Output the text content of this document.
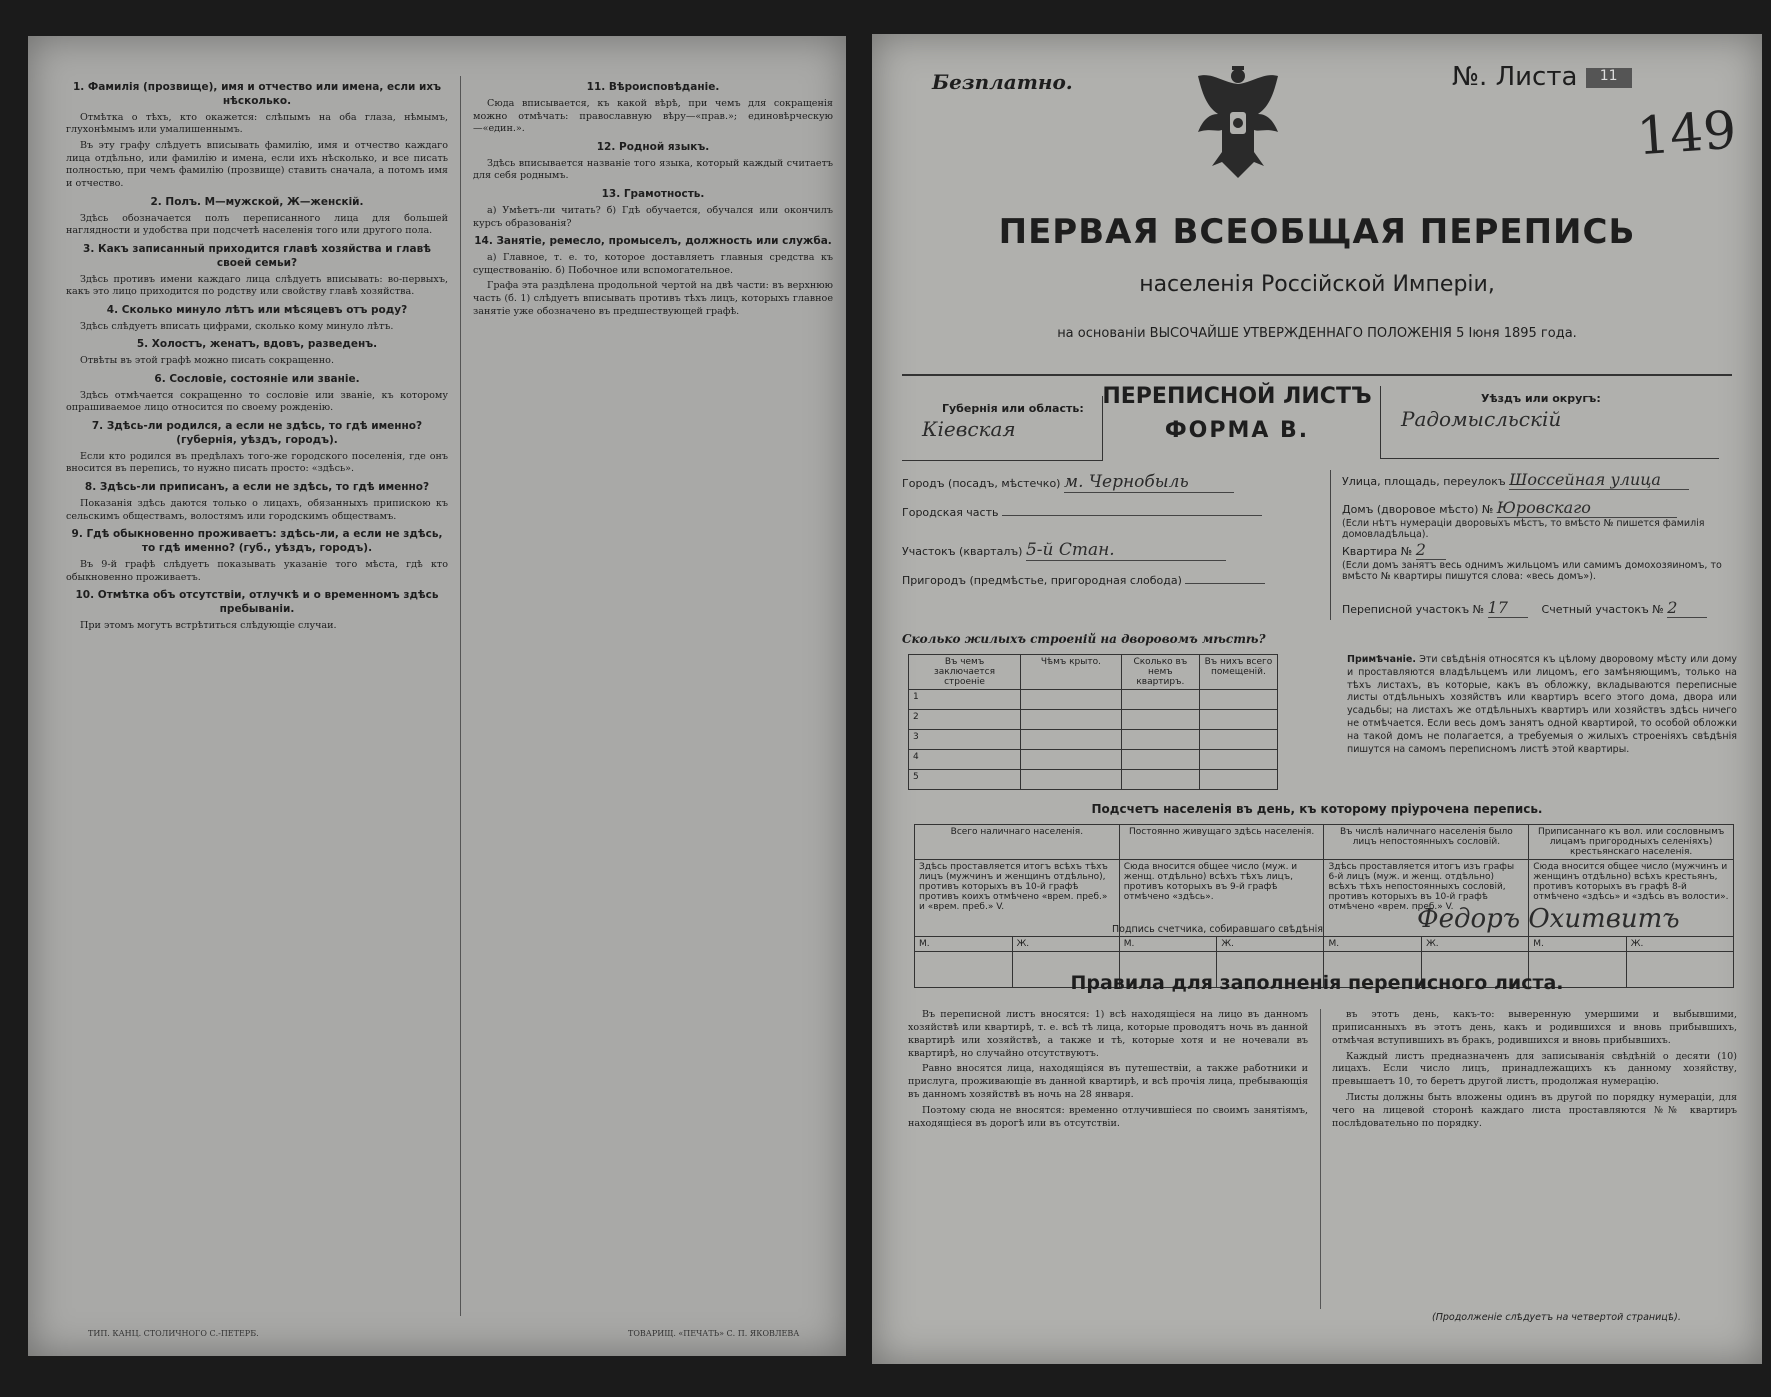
1. Фамилія (прозвище), имя и отчество или имена, если ихъ нѣсколько.

Отмѣтка о тѣхъ, кто окажется: слѣпымъ на оба глаза, нѣмымъ, глухонѣмымъ или умалишеннымъ.

Въ эту графу слѣдуетъ вписывать фамилію, имя и отчество каждаго лица отдѣльно, или фамилію и имена, если ихъ нѣсколько, и все писать полностью, при чемъ фамилію (прозвище) ставить сначала, а потомъ имя и отчество.

2. Полъ. М—мужской, Ж—женскій.

Здѣсь обозначается полъ переписанного лица для большей наглядности и удобства при подсчетѣ населенія того или другого пола.

3. Какъ записанный приходится главѣ хозяйства и главѣ своей семьи?

Здѣсь противъ имени каждаго лица слѣдуетъ вписывать: во-первыхъ, какъ это лицо приходится по родству или свойству главѣ хозяйства.

4. Сколько минуло лѣтъ или мѣсяцевъ отъ роду?

Здѣсь слѣдуетъ вписать цифрами, сколько кому минуло лѣтъ.

5. Холостъ, женатъ, вдовъ, разведенъ.

Отвѣты въ этой графѣ можно писать сокращенно.

6. Сословіе, состояніе или званіе.

Здѣсь отмѣчается сокращенно то сословіе или званіе, къ которому опрашиваемое лицо относится по своему рожденію.

7. Здѣсь-ли родился, а если не здѣсь, то гдѣ именно? (губернія, уѣздъ, городъ).

Если кто родился въ предѣлахъ того-же городского поселенія, где онъ вносится въ перепись, то нужно писать просто: «здѣсь».

8. Здѣсь-ли приписанъ, а если не здѣсь, то гдѣ именно?

Показанія здѣсь даются только о лицахъ, обязанныхъ припискою къ сельскимъ обществамъ, волостямъ или городскимъ обществамъ.

9. Гдѣ обыкновенно проживаетъ: здѣсь-ли, а если не здѣсь, то гдѣ именно? (губ., уѣздъ, городъ).

Въ 9-й графѣ слѣдуетъ показывать указаніе того мѣста, гдѣ кто обыкновенно проживаетъ.

10. Отмѣтка объ отсутствіи, отлучкѣ и о временномъ здѣсь пребываніи.

При этомъ могутъ встрѣтиться слѣдующіе случаи.

11. Вѣроисповѣданіе.

Сюда вписывается, къ какой вѣрѣ, при чемъ для сокращенія можно отмѣчать: православную вѣру—«прав.»; единовѣрческую—«един.».

12. Родной языкъ.

Здѣсь вписывается названіе того языка, который каждый считаетъ для себя роднымъ.

13. Грамотность.

а) Умѣетъ-ли читать? б) Гдѣ обучается, обучался или окончилъ курсъ образованія?

14. Занятіе, ремесло, промыселъ, должность или служба.

а) Главное, т. е. то, которое доставляетъ главныя средства къ существованію. б) Побочное или вспомогательное.

Графа эта раздѣлена продольной чертой на двѣ части: въ верхнюю часть (б. 1) слѣдуетъ вписывать противъ тѣхъ лицъ, которыхъ главное занятіе уже обозначено въ предшествующей графѣ.

ТИП. КАНЦ. СТОЛИЧНОГО С.-ПЕТЕРБ.	ТОВАРИЩ. «ПЕЧАТЬ» С. П. ЯКОВЛЕВА
Безплатно.	№. Листа 11
149
ПЕРВАЯ ВСЕОБЩАЯ ПЕРЕПИСЬ
населенія Россійской Имперіи,
на основаніи ВЫСОЧАЙШЕ УТВЕРЖДЕННАГО ПОЛОЖЕНІЯ 5 Іюня 1895 года.
Губернія или область:
Кіевская
ПЕРЕПИСНОЙ ЛИСТЪ
ФОРМА В.
Уѣздъ или округъ:
Радомысльскій
Городъ (посадъ, мѣстечко) м. Чернобыль
Городская часть
Участокъ (кварталъ) 5-й Стан.
Пригородъ (предмѣстье, пригородная слобода)
Улица, площадь, переулокъ Шоссейная улица
Домъ (дворовое мѣсто) № Юровскаго
(Если нѣтъ нумераціи дворовыхъ мѣстъ, то вмѣсто № пишется фамилія домовладѣльца).
Квартира № 2
(Если домъ занятъ весь однимъ жильцомъ или самимъ домохозяиномъ, то вмѣсто № квартиры пишутся слова: «весь домъ»).
Переписной участокъ № 17	Счетный участокъ № 2
Сколько жилыхъ строеній на дворовомъ мѣстѣ?
Въ чемъ заключается строеніе	Чѣмъ крыто.	Сколько въ немъ квартиръ.	Въ нихъ всего помещеній.
1			
2			
3			
4			
5			
Примѣчаніе. Эти свѣдѣнія относятся къ цѣлому дворовому мѣсту или дому и проставляются владѣльцемъ или лицомъ, его замѣняющимъ, только на тѣхъ листахъ, въ которые, какъ въ обложку, вкладываются переписные листы отдѣльныхъ хозяйствъ или квартиръ всего этого дома, двора или усадьбы; на листахъ же отдѣльныхъ квартиръ или хозяйствъ здѣсь ничего не отмѣчается. Если весь домъ занятъ одной квартирой, то особой обложки на такой домъ не полагается, а требуемыя о жилыхъ строеніяхъ свѣдѣнія пишутся на самомъ переписномъ листѣ этой квартиры.
Подсчетъ населенія въ день, къ которому пріурочена перепись.
Всего наличнаго населенія.		Постоянно живущаго здѣсь населенія.		Въ числѣ наличнаго населенія было лицъ непостоянныхъ сословій.		Приписаннаго къ вол. или сословнымъ лицамъ пригородныхъ селеніяхъ) крестьянскаго населенія.	
Здѣсь проставляется итогъ всѣхъ тѣхъ лицъ (мужчинъ и женщинъ отдѣльно), противъ которыхъ въ 10-й графѣ противъ коихъ отмѣчено «врем. преб.» и «врем. преб.» V.		Сюда вносится общее число (муж. и женщ. отдѣльно) всѣхъ тѣхъ лицъ, противъ которыхъ въ 9-й графѣ отмѣчено «здѣсь».		Здѣсь проставляется итогъ изъ графы 6-й лицъ (муж. и женщ. отдѣльно) всѣхъ тѣхъ непостоянныхъ сословій, противъ которыхъ въ 10-й графѣ отмѣчено «врем. преб.» V.		Сюда вносится общее число (мужчинъ и женщинъ отдѣльно) всѣхъ крестьянъ, противъ которыхъ въ графѣ 8-й отмѣчено «здѣсь» и «здѣсь въ волости».	
М.	Ж.	М.	Ж.	М.	Ж.	М.	Ж.

Подпись счетчика, собиравшаго свѣдѣнія	Федоръ Охитвитъ
Правила для заполненія переписного листа.

Въ переписной листъ вносятся: 1) всѣ находящіеся на лицо въ данномъ хозяйствѣ или квартирѣ, т. е. всѣ тѣ лица, которые проводятъ ночь въ данной квартирѣ или хозяйствѣ, а также и тѣ, которые хотя и не ночевали въ квартирѣ, но случайно отсутствуютъ.

Равно вносятся лица, находящіяся въ путешествіи, а также работники и прислуга, проживающіе въ данной квартирѣ, и всѣ прочія лица, пребывающія въ данномъ хозяйствѣ въ ночь на 28 января.

Поэтому сюда не вносятся: временно отлучившіеся по своимъ занятіямъ, находящіеся въ дорогѣ или въ отсутствіи.

въ этотъ день, какъ-то: выверенную умершими и выбывшими, приписанныхъ въ этотъ день, какъ и родившихся и вновь прибывшихъ, отмѣчая вступившихъ въ бракъ, родившихся и вновь прибывшихъ.

Каждый листъ предназначенъ для записыванія свѣдѣній о десяти (10) лицахъ. Если число лицъ, принадлежащихъ къ данному хозяйству, превышаетъ 10, то беретъ другой листъ, продолжая нумерацію.

Листы должны быть вложены одинъ въ другой по порядку нумераціи, для чего на лицевой сторонѣ каждаго листа проставляются №№ квартиръ послѣдовательно по порядку.

(Продолженіе слѣдуетъ на четвертой страницѣ).
